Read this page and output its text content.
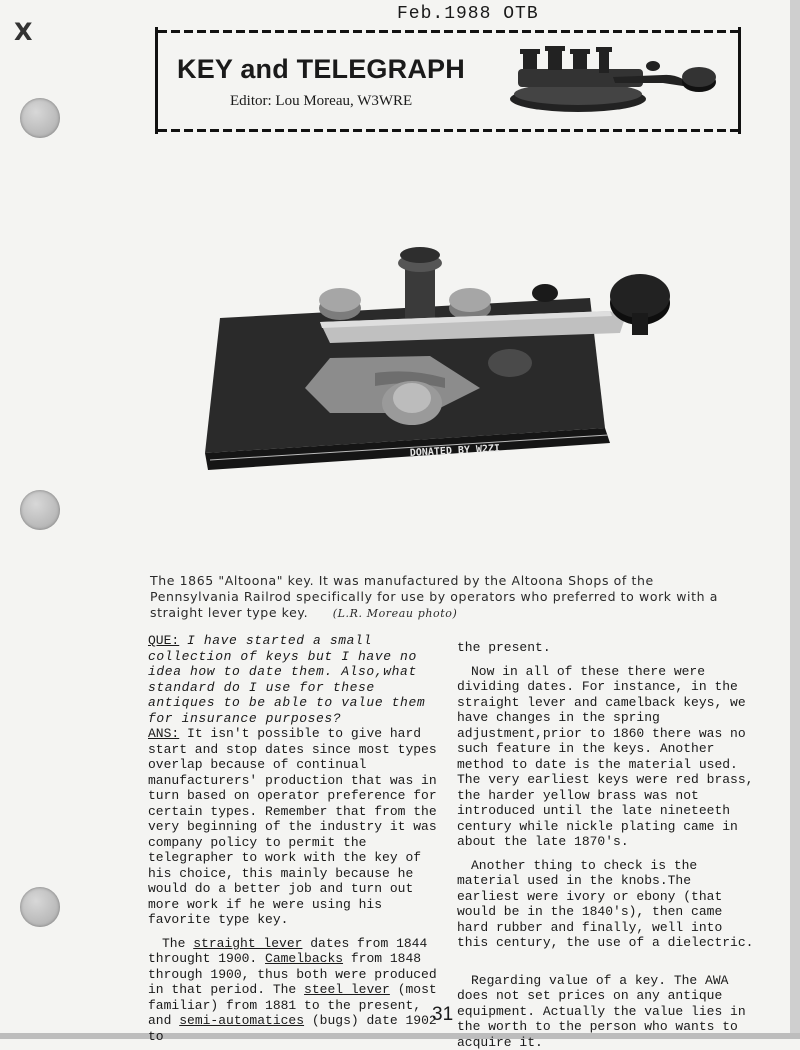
X
Feb.1988 OTB
KEY and TELEGRAPH
Editor: Lou Moreau, W3WRE
DONATED BY W2ZI
The 1865 "Altoona" key. It was manufactured by the Altoona Shops of the Pennsylvania Railrod specifically for use by operators who preferred to work with a straight lever type key. (L.R. Moreau photo)

QUE: I have started a small collection of keys but I have no idea how to date them. Also,what standard do I use for these antiques to be able to value them for insurance purposes?

ANS: It isn't possible to give hard start and stop dates since most types overlap because of continual manufacturers' production that was in turn based on operator preference for certain types. Remember that from the very beginning of the industry it was company policy to permit the telegrapher to work with the key of his choice, this mainly because he would do a better job and turn out more work if he were using his favorite type key.

The straight lever dates from 1844 throught 1900. Camelbacks from 1848 through 1900, thus both were produced in that period. The steel lever (most familiar) from 1881 to the present, and semi-automatices (bugs) date 1902 to

the present.

Now in all of these there were dividing dates. For instance, in the straight lever and camelback keys, we have changes in the spring adjustment,prior to 1860 there was no such feature in the keys. Another method to date is the material used. The very earliest keys were red brass, the harder yellow brass was not introduced until the late nineteeth century while nickle plating came in about the late 1870's.

Another thing to check is the material used in the knobs.The earliest were ivory or ebony (that would be in the 1840's), then came hard rubber and finally, well into this century, the use of a dielectric.

Regarding value of a key. The AWA does not set prices on any antique equipment. Actually the value lies in the worth to the person who wants to acquire it.

31
